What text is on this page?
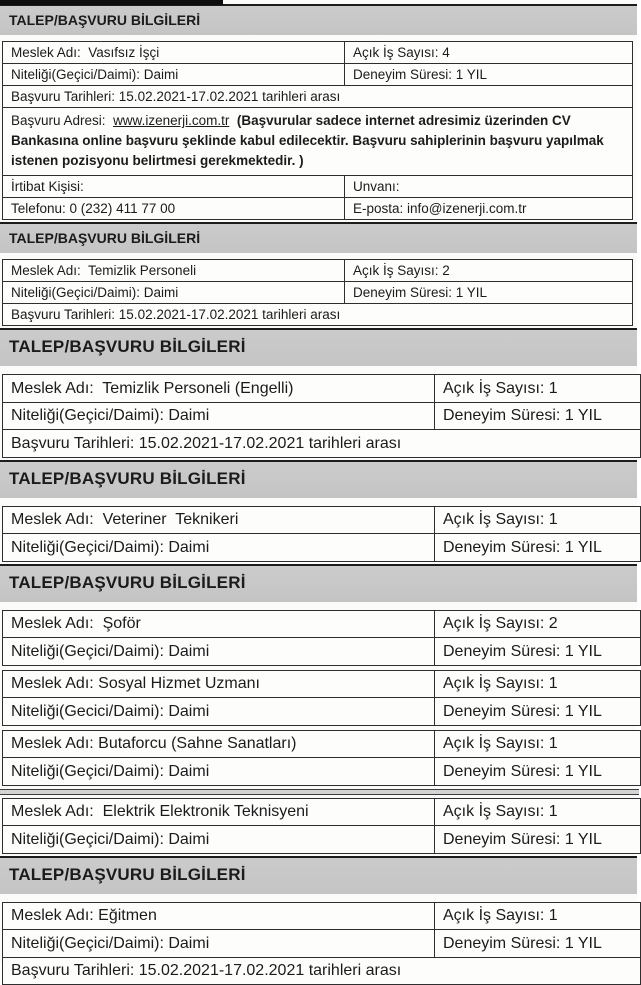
TALEP/BAŞVURU BİLGİLERİ
Meslek Adı:  Vasıfsız İşçi	Açık İş Sayısı: 4
Niteliği(Geçici/Daimi): Daimi	Deneyim Süresi: 1 YIL
Başvuru Tarihleri: 15.02.2021-17.02.2021 tarihleri arası
Başvuru Adresi: www.izenerji.com.tr (Başvurular sadece internet adresimiz üzerinden CV Bankasına online başvuru şeklinde kabul edilecektir. Başvuru sahiplerinin başvuru yapılmak istenen pozisyonu belirtmesi gerekmektedir. )
İrtibat Kişisi:	Unvanı:
Telefonu: 0 (232) 411 77 00	E-posta: info@izenerji.com.tr
TALEP/BAŞVURU BİLGİLERİ
Meslek Adı:  Temizlik Personeli	Açık İş Sayısı: 2
Niteliği(Geçici/Daimi): Daimi	Deneyim Süresi: 1 YIL
Başvuru Tarihleri: 15.02.2021-17.02.2021 tarihleri arası
TALEP/BAŞVURU BİLGİLERİ
Meslek Adı:  Temizlik Personeli (Engelli)	Açık İş Sayısı: 1
Niteliği(Geçici/Daimi): Daimi	Deneyim Süresi: 1 YIL
Başvuru Tarihleri: 15.02.2021-17.02.2021 tarihleri arası
TALEP/BAŞVURU BİLGİLERİ
Meslek Adı:  Veteriner  Teknikeri	Açık İş Sayısı: 1
Niteliği(Geçici/Daimi): Daimi	Deneyim Süresi: 1 YIL
TALEP/BAŞVURU BİLGİLERİ
Meslek Adı:  Şoför	Açık İş Sayısı: 2
Niteliği(Geçici/Daimi): Daimi	Deneyim Süresi: 1 YIL
Meslek Adı: Sosyal Hizmet Uzmanı	Açık İş Sayısı: 1
Niteliği(Gecici/Daimi): Daimi	Deneyim Süresi: 1 YIL
Meslek Adı: Butaforcu (Sahne Sanatları)	Açık İş Sayısı: 1
Niteliği(Geçici/Daimi): Daimi	Deneyim Süresi: 1 YIL
Meslek Adı:  Elektrik Elektronik Teknisyeni	Açık İş Sayısı: 1
Niteliği(Geçici/Daimi): Daimi	Deneyim Süresi: 1 YIL
TALEP/BAŞVURU BİLGİLERİ
Meslek Adı: Eğitmen	Açık İş Sayısı: 1
Niteliği(Geçici/Daimi): Daimi	Deneyim Süresi: 1 YIL
Başvuru Tarihleri: 15.02.2021-17.02.2021 tarihleri arası
